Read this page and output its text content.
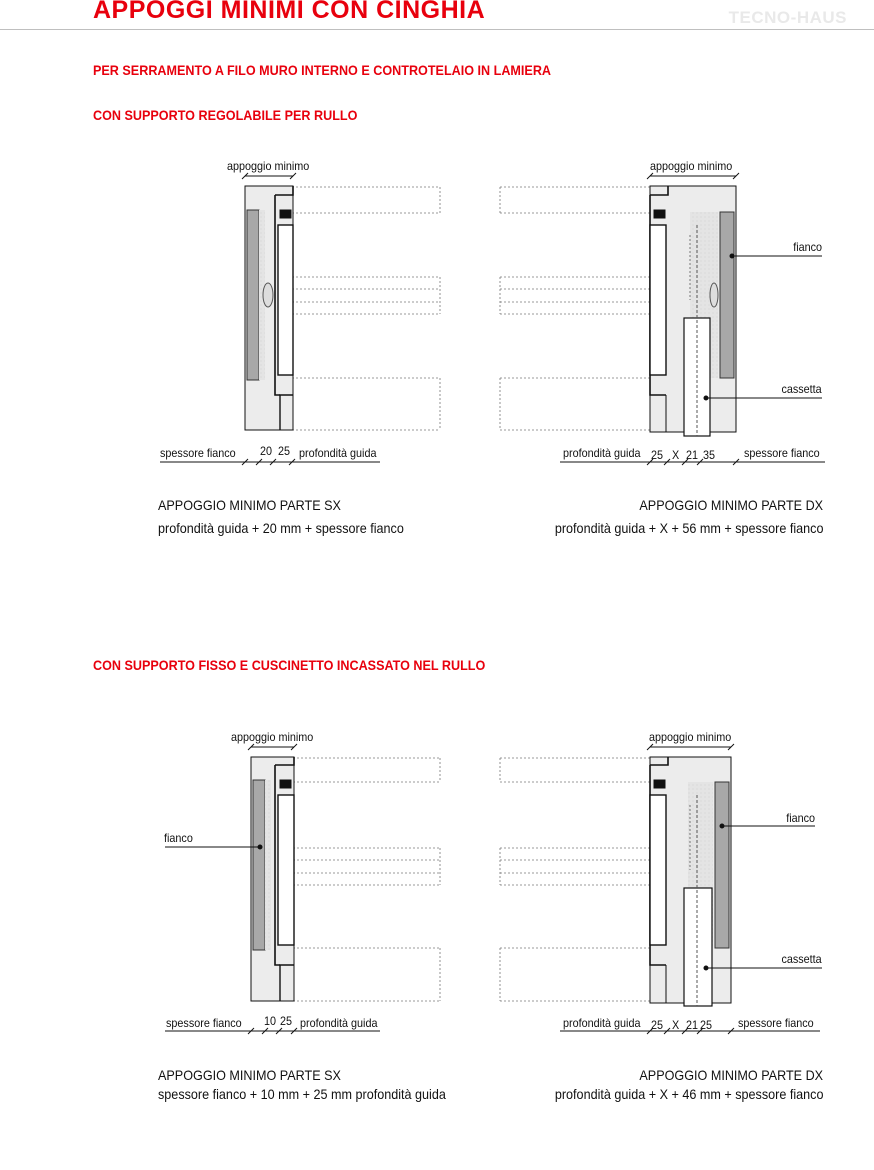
APPOGGI MINIMI CON CINGHIA	TECNO-HAUS
PER SERRAMENTO A FILO MURO INTERNO E CONTROTELAIO IN LAMIERA
CON SUPPORTO REGOLABILE PER RULLO
CON SUPPORTO FISSO E CUSCINETTO INCASSATO NEL RULLO
appoggio minimo
spessore fianco 20 25 profondità guida
APPOGGIO MINIMO PARTE SX
profondità guida + 20 mm + spessore fianco
appoggio minimo
fianco
cassetta
profondità guida 25 X 21 35 spessore fianco
APPOGGIO MINIMO PARTE DX
profondità guida + X + 56 mm + spessore fianco
appoggio minimo
fianco
spessore fianco 10 25 profondità guida
APPOGGIO MINIMO PARTE SX
spessore fianco + 10 mm + 25 mm profondità guida
appoggio minimo
fianco
cassetta
profondità guida 25 X 21 25 spessore fianco
APPOGGIO MINIMO PARTE DX
profondità guida + X + 46 mm + spessore fianco
